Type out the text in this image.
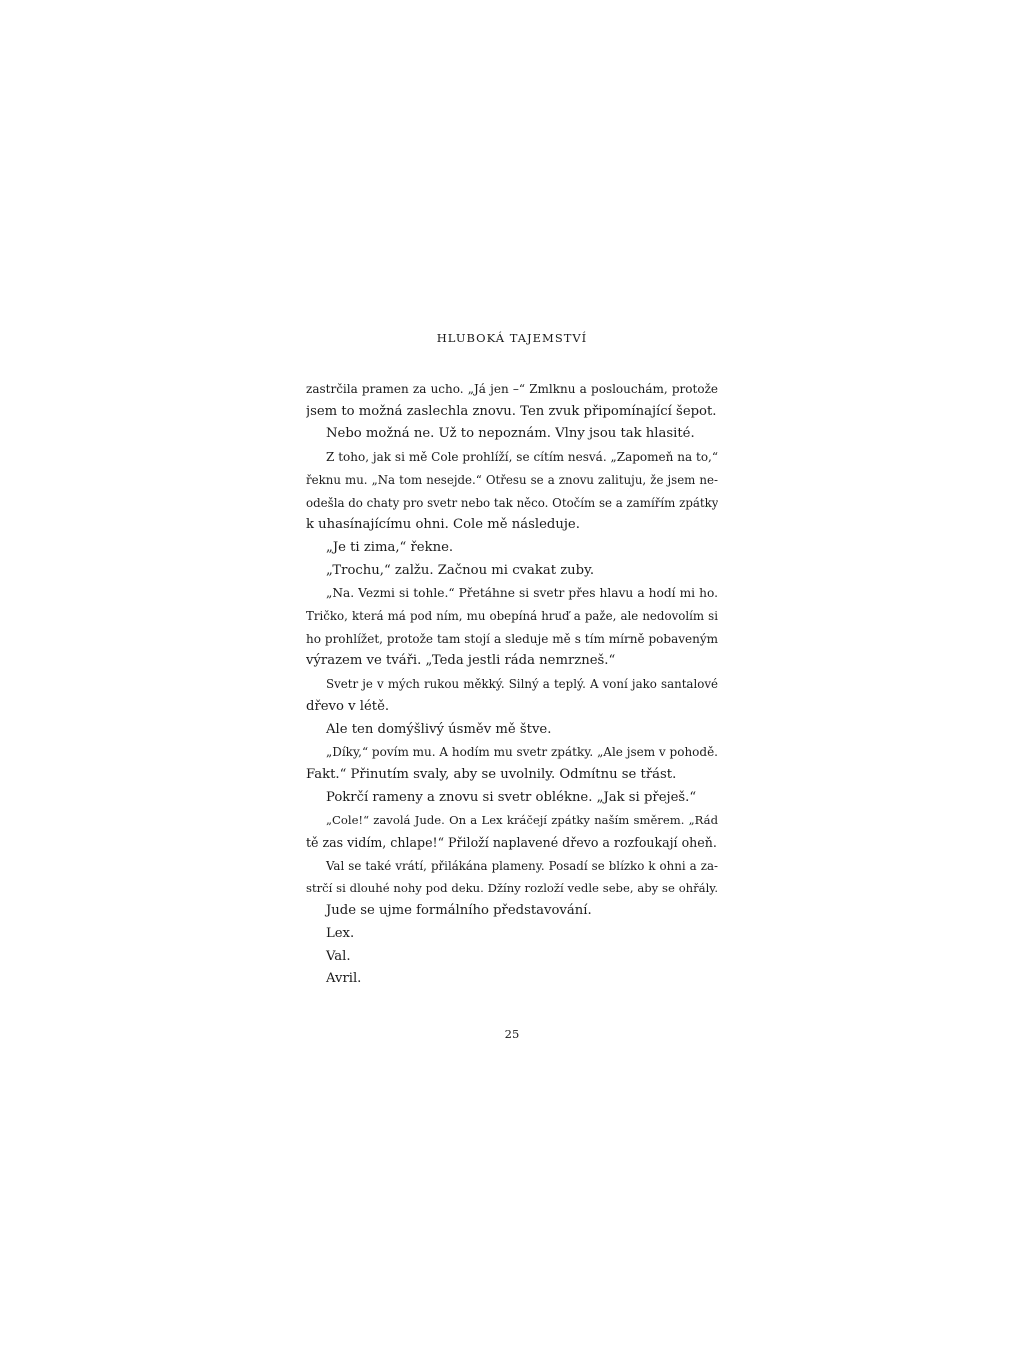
HLUBOKÁ TAJEMSTVÍ

zastrčila pramen za ucho. „Já jen –“ Zmlknu a poslouchám, protože

jsem to možná zaslechla znovu. Ten zvuk připomínající šepot.

Nebo možná ne. Už to nepoznám. Vlny jsou tak hlasité.

Z toho, jak si mě Cole prohlíží, se cítím nesvá. „Zapomeň na to,“

řeknu mu. „Na tom nesejde.“ Otřesu se a znovu zalituju, že jsem ne-

odešla do chaty pro svetr nebo tak něco. Otočím se a zamířím zpátky

k uhasínajícímu ohni. Cole mě následuje.

„Je ti zima,“ řekne.

„Trochu,“ zalžu. Začnou mi cvakat zuby.

„Na. Vezmi si tohle.“ Přetáhne si svetr přes hlavu a hodí mi ho.

Tričko, která má pod ním, mu obepíná hruď a paže, ale nedovolím si

ho prohlížet, protože tam stojí a sleduje mě s tím mírně pobaveným

výrazem ve tváři. „Teda jestli ráda nemrzneš.“

Svetr je v mých rukou měkký. Silný a teplý. A voní jako santalové

dřevo v létě.

Ale ten domýšlivý úsměv mě štve.

„Díky,“ povím mu. A hodím mu svetr zpátky. „Ale jsem v pohodě.

Fakt.“ Přinutím svaly, aby se uvolnily. Odmítnu se třást.

Pokrčí rameny a znovu si svetr oblékne. „Jak si přeješ.“

„Cole!“ zavolá Jude. On a Lex kráčejí zpátky naším směrem. „Rád

tě zas vidím, chlape!“ Přiloží naplavené dřevo a rozfoukají oheň.

Val se také vrátí, přilákána plameny. Posadí se blízko k ohni a za-

strčí si dlouhé nohy pod deku. Džíny rozloží vedle sebe, aby se ohřály.

Jude se ujme formálního představování.

Lex.

Val.

Avril.

25
